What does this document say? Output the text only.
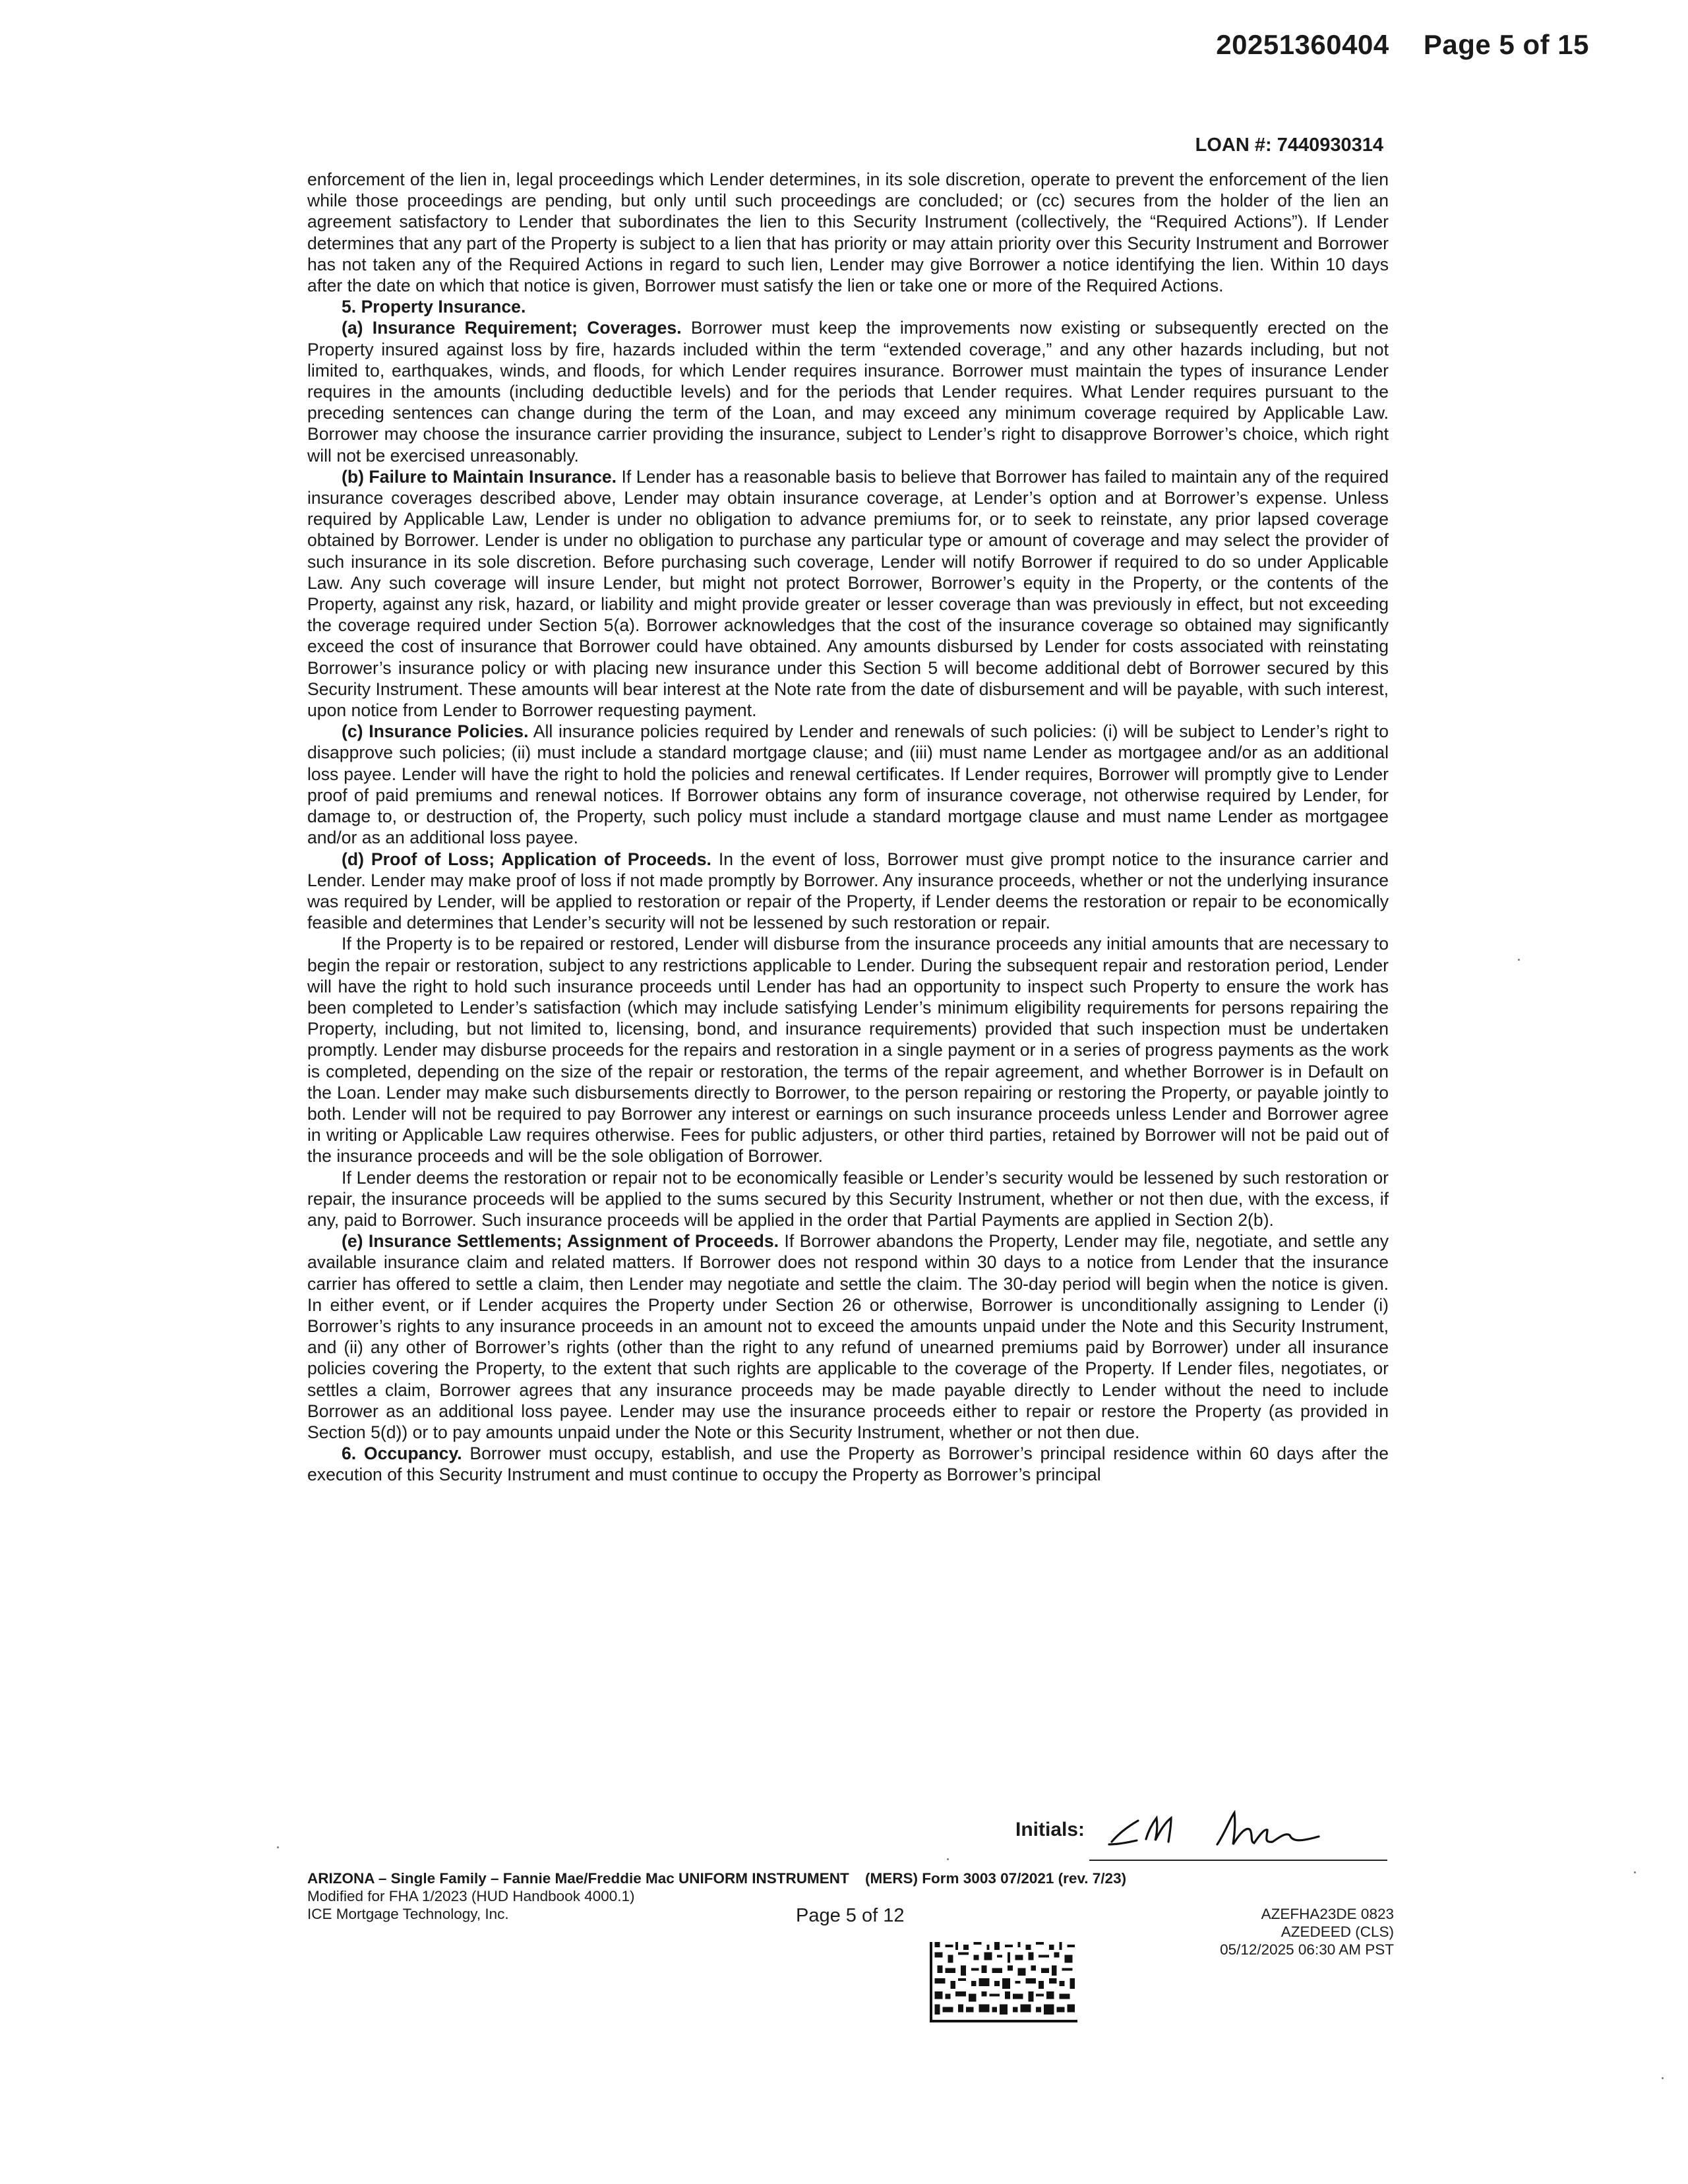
20251360404 Page 5 of 15
LOAN #: 7440930314

enforcement of the lien in, legal proceedings which Lender determines, in its sole discretion, operate to prevent the enforcement of the lien while those proceedings are pending, but only until such proceedings are concluded; or (cc) secures from the holder of the lien an agreement satisfactory to Lender that subordinates the lien to this Security Instrument (collectively, the “Required Actions”). If Lender determines that any part of the Property is subject to a lien that has priority or may attain priority over this Security Instrument and Borrower has not taken any of the Required Actions in regard to such lien, Lender may give Borrower a notice identifying the lien. Within 10 days after the date on which that notice is given, Borrower must satisfy the lien or take one or more of the Required Actions.

5. Property Insurance.

(a) Insurance Requirement; Coverages. Borrower must keep the improvements now existing or subsequently erected on the Property insured against loss by fire, hazards included within the term “extended coverage,” and any other hazards including, but not limited to, earthquakes, winds, and floods, for which Lender requires insurance. Borrower must maintain the types of insurance Lender requires in the amounts (including deductible levels) and for the periods that Lender requires. What Lender requires pursuant to the preceding sentences can change during the term of the Loan, and may exceed any minimum coverage required by Applicable Law. Borrower may choose the insurance carrier providing the insurance, subject to Lender’s right to disapprove Borrower’s choice, which right will not be exercised unreasonably.

(b) Failure to Maintain Insurance. If Lender has a reasonable basis to believe that Borrower has failed to maintain any of the required insurance coverages described above, Lender may obtain insurance coverage, at Lender’s option and at Borrower’s expense. Unless required by Applicable Law, Lender is under no obligation to advance premiums for, or to seek to reinstate, any prior lapsed coverage obtained by Borrower. Lender is under no obligation to purchase any particular type or amount of coverage and may select the provider of such insurance in its sole discretion. Before purchasing such coverage, Lender will notify Borrower if required to do so under Applicable Law. Any such coverage will insure Lender, but might not protect Borrower, Borrower’s equity in the Property, or the contents of the Property, against any risk, hazard, or liability and might provide greater or lesser coverage than was previously in effect, but not exceeding the coverage required under Section 5(a). Borrower acknowledges that the cost of the insurance coverage so obtained may significantly exceed the cost of insurance that Borrower could have obtained. Any amounts disbursed by Lender for costs associated with reinstating Borrower’s insurance policy or with placing new insurance under this Section 5 will become additional debt of Borrower secured by this Security Instrument. These amounts will bear interest at the Note rate from the date of disbursement and will be payable, with such interest, upon notice from Lender to Borrower requesting payment.

(c) Insurance Policies. All insurance policies required by Lender and renewals of such policies: (i) will be subject to Lender’s right to disapprove such policies; (ii) must include a standard mortgage clause; and (iii) must name Lender as mortgagee and/or as an additional loss payee. Lender will have the right to hold the policies and renewal certificates. If Lender requires, Borrower will promptly give to Lender proof of paid premiums and renewal notices. If Borrower obtains any form of insurance coverage, not otherwise required by Lender, for damage to, or destruction of, the Property, such policy must include a standard mortgage clause and must name Lender as mortgagee and/or as an additional loss payee.

(d) Proof of Loss; Application of Proceeds. In the event of loss, Borrower must give prompt notice to the insurance carrier and Lender. Lender may make proof of loss if not made promptly by Borrower. Any insurance proceeds, whether or not the underlying insurance was required by Lender, will be applied to restoration or repair of the Property, if Lender deems the restoration or repair to be economically feasible and determines that Lender’s security will not be lessened by such restoration or repair.

If the Property is to be repaired or restored, Lender will disburse from the insurance proceeds any initial amounts that are necessary to begin the repair or restoration, subject to any restrictions applicable to Lender. During the subsequent repair and restoration period, Lender will have the right to hold such insurance proceeds until Lender has had an opportunity to inspect such Property to ensure the work has been completed to Lender’s satisfaction (which may include satisfying Lender’s minimum eligibility requirements for persons repairing the Property, including, but not limited to, licensing, bond, and insurance requirements) provided that such inspection must be undertaken promptly. Lender may disburse proceeds for the repairs and restoration in a single payment or in a series of progress payments as the work is completed, depending on the size of the repair or restoration, the terms of the repair agreement, and whether Borrower is in Default on the Loan. Lender may make such disbursements directly to Borrower, to the person repairing or restoring the Property, or payable jointly to both. Lender will not be required to pay Borrower any interest or earnings on such insurance proceeds unless Lender and Borrower agree in writing or Applicable Law requires otherwise. Fees for public adjusters, or other third parties, retained by Borrower will not be paid out of the insurance proceeds and will be the sole obligation of Borrower.

If Lender deems the restoration or repair not to be economically feasible or Lender’s security would be lessened by such restoration or repair, the insurance proceeds will be applied to the sums secured by this Security Instrument, whether or not then due, with the excess, if any, paid to Borrower. Such insurance proceeds will be applied in the order that Partial Payments are applied in Section 2(b).

(e) Insurance Settlements; Assignment of Proceeds. If Borrower abandons the Property, Lender may file, negotiate, and settle any available insurance claim and related matters. If Borrower does not respond within 30 days to a notice from Lender that the insurance carrier has offered to settle a claim, then Lender may negotiate and settle the claim. The 30-day period will begin when the notice is given. In either event, or if Lender acquires the Property under Section 26 or otherwise, Borrower is unconditionally assigning to Lender (i) Borrower’s rights to any insurance proceeds in an amount not to exceed the amounts unpaid under the Note and this Security Instrument, and (ii) any other of Borrower’s rights (other than the right to any refund of unearned premiums paid by Borrower) under all insurance policies covering the Property, to the extent that such rights are applicable to the coverage of the Property. If Lender files, negotiates, or settles a claim, Borrower agrees that any insurance proceeds may be made payable directly to Lender without the need to include Borrower as an additional loss payee. Lender may use the insurance proceeds either to repair or restore the Property (as provided in Section 5(d)) or to pay amounts unpaid under the Note or this Security Instrument, whether or not then due.

6. Occupancy. Borrower must occupy, establish, and use the Property as Borrower’s principal residence within 60 days after the execution of this Security Instrument and must continue to occupy the Property as Borrower’s principal

Initials:
ARIZONA – Single Family – Fannie Mae/Freddie Mac UNIFORM INSTRUMENT (MERS) Form 3003 07/2021 (rev. 7/23)
Modified for FHA 1/2023 (HUD Handbook 4000.1)
ICE Mortgage Technology, Inc.	Page 5 of 12	AZEFHA23DE 0823
AZEDEED (CLS)
05/12/2025 06:30 AM PST
